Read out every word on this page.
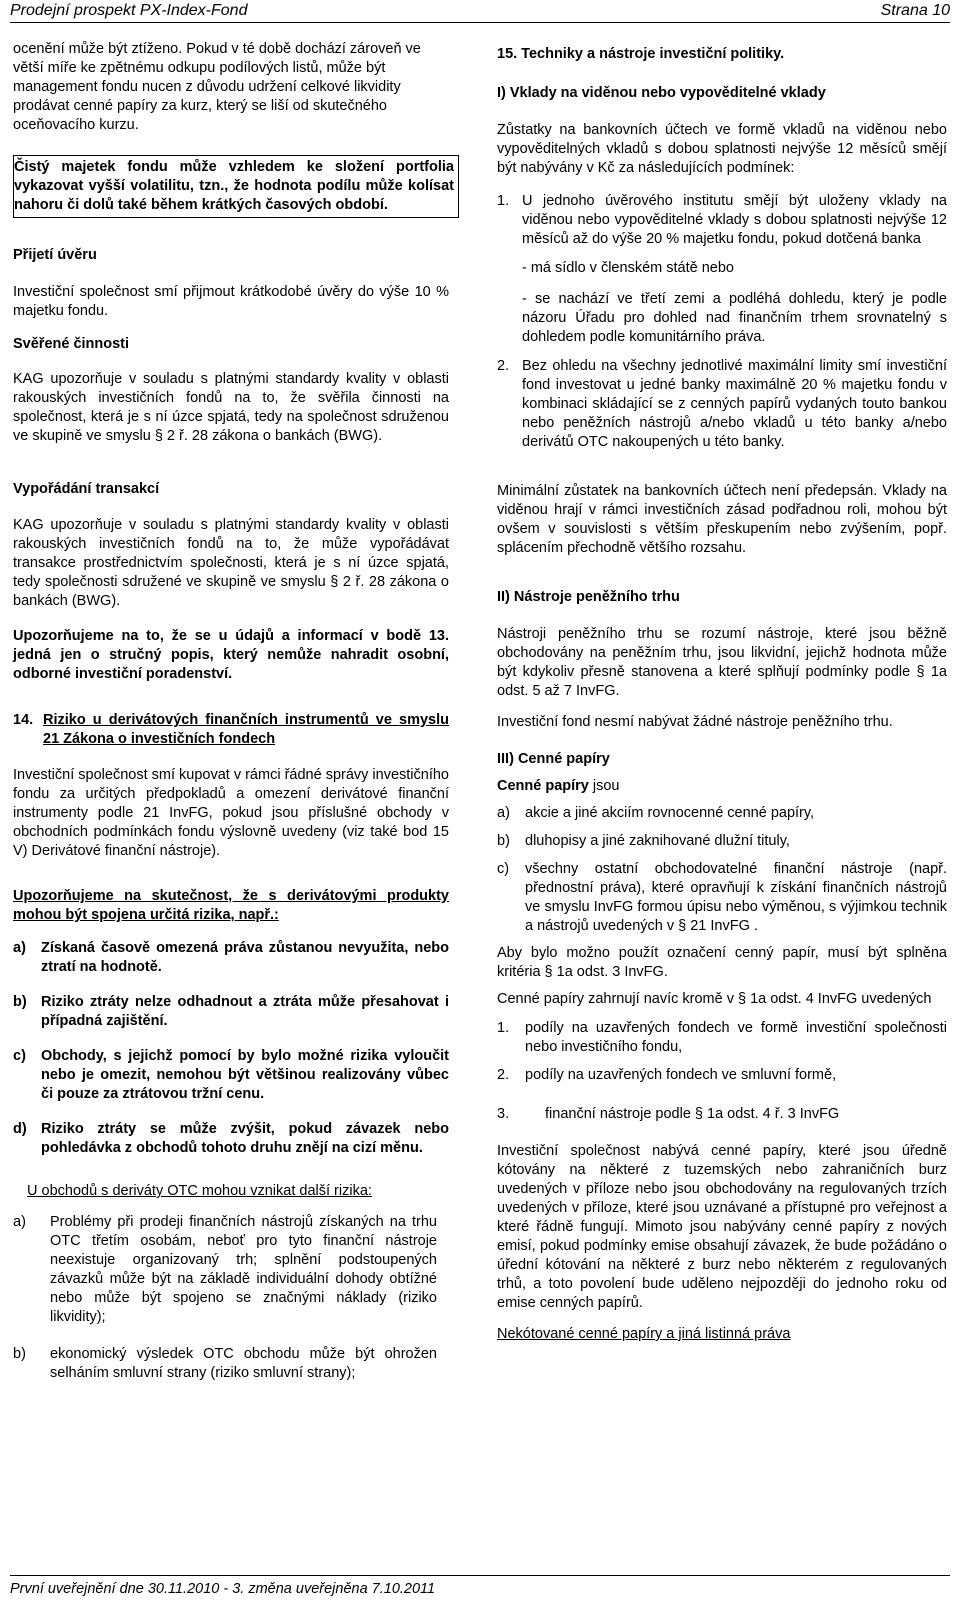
Prodejní prospekt PX-Index-Fond	Strana 10

ocenění může být ztíženo. Pokud v té době dochází zároveň ve větší míře ke zpětnému odkupu podílových listů, může být management fondu nucen z důvodu udržení celkové likvidity prodávat cenné papíry za kurz, který se liší od skutečného oceňovacího kurzu.

Čistý majetek fondu může vzhledem ke složení portfolia vykazovat vyšší volatilitu, tzn., že hodnota podílu může kolísat nahoru či dolů také během krátkých časových období.

Přijetí úvěru

Investiční společnost smí přijmout krátkodobé úvěry do výše 10 % majetku fondu.

Svěřené činnosti

KAG upozorňuje v souladu s platnými standardy kvality v oblasti rakouských investičních fondů na to, že svěřila činnosti na společnost, která je s ní úzce spjatá, tedy na společnost sdruženou ve skupině ve smyslu § 2 ř. 28 zákona o bankách (BWG).

Vypořádání transakcí

KAG upozorňuje v souladu s platnými standardy kvality v oblasti rakouských investičních fondů na to, že může vypořádávat transakce prostřednictvím společnosti, která je s ní úzce spjatá, tedy společnosti sdružené ve skupině ve smyslu § 2 ř. 28 zákona o bankách (BWG).

Upozorňujeme na to, že se u údajů a informací v bodě 13. jedná jen o stručný popis, který nemůže nahradit osobní, odborné investiční poradenství.

14. Riziko u derivátových finančních instrumentů ve smyslu 21 Zákona o investičních fondech

Investiční společnost smí kupovat v rámci řádné správy investičního fondu za určitých předpokladů a omezení derivátové finanční instrumenty podle 21 InvFG, pokud jsou příslušné obchody v obchodních podmínkách fondu výslovně uvedeny (viz také bod 15 V) Derivátové finanční nástroje).

Upozorňujeme na skutečnost, že s derivátovými produkty mohou být spojena určitá rizika, např.:

a)	Získaná časově omezená práva zůstanou nevyužita, nebo ztratí na hodnotě.
b) Riziko ztráty nelze odhadnout a ztráta může přesahovat i případná zajištění.
c)	Obchody, s jejichž pomocí by bylo možné rizika vyloučit nebo je omezit, nemohou být většinou realizovány vůbec či pouze za ztrátovou tržní cenu.
d) Riziko ztráty se může zvýšit, pokud závazek nebo pohledávka z obchodů tohoto druhu znějí na cizí měnu.

U obchodů s deriváty OTC mohou vznikat další rizika:

a)	Problémy při prodeji finančních nástrojů získaných na trhu OTC třetím osobám, neboť pro tyto finanční nástroje neexistuje organizovaný trh; splnění podstoupených závazků může být na základě individuální dohody obtížné nebo může být spojeno se značnými náklady (riziko likvidity);
b)	ekonomický výsledek OTC obchodu může být ohrožen selháním smluvní strany (riziko smluvní strany);

15. Techniky a nástroje investiční politiky.

I) Vklady na viděnou nebo vypověditelné vklady

Zůstatky na bankovních účtech ve formě vkladů na viděnou nebo vypověditelných vkladů s dobou splatnosti nejvýše 12 měsíců smějí být nabývány v Kč za následujících podmínek:

1. U jednoho úvěrového institutu smějí být uloženy vklady na viděnou nebo vypověditelné vklady s dobou splatnosti nejvýše 12 měsíců až do výše 20 % majetku fondu, pokud dotčená banka

- má sídlo v členském státě nebo

- se nachází ve třetí zemi a podléhá dohledu, který je podle názoru Úřadu pro dohled nad finančním trhem srovnatelný s dohledem podle komunitárního práva.

2. Bez ohledu na všechny jednotlivé maximální limity smí investiční fond investovat u jedné banky maximálně 20 % majetku fondu v kombinaci skládající se z cenných papírů vydaných touto bankou nebo peněžních nástrojů a/nebo vkladů u této banky a/nebo derivátů OTC nakoupených u této banky.

Minimální zůstatek na bankovních účtech není předepsán. Vklady na viděnou hrají v rámci investičních zásad podřadnou roli, mohou být ovšem v souvislosti s větším přeskupením nebo zvýšením, popř. splácením přechodně většího rozsahu.

II) Nástroje peněžního trhu

Nástroji peněžního trhu se rozumí nástroje, které jsou běžně obchodovány na peněžním trhu, jsou likvidní, jejichž hodnota může být kdykoliv přesně stanovena a které splňují podmínky podle § 1a odst. 5 až 7 InvFG.

Investiční fond nesmí nabývat žádné nástroje peněžního trhu.

III) Cenné papíry

Cenné papíry jsou

a)	akcie a jiné akciím rovnocenné cenné papíry,
b)	dluhopisy a jiné zaknihované dlužní tituly,
c)	všechny ostatní obchodovatelné finanční nástroje (např. přednostní práva), které opravňují k získání finančních nástrojů ve smyslu InvFG formou úpisu nebo výměnou, s výjimkou technik a nástrojů uvedených v § 21 InvFG .

Aby bylo možno použít označení cenný papír, musí být splněna kritéria § 1a odst. 3 InvFG.

Cenné papíry zahrnují navíc kromě v § 1a odst. 4 InvFG uvedených

1.	podíly na uzavřených fondech ve formě investiční společnosti nebo investičního fondu,
2.	podíly na uzavřených fondech ve smluvní formě,
3.	finanční nástroje podle § 1a odst. 4 ř. 3 InvFG

Investiční společnost nabývá cenné papíry, které jsou úředně kótovány na některé z tuzemských nebo zahraničních burz uvedených v příloze nebo jsou obchodovány na regulovaných trzích uvedených v příloze, které jsou uznávané a přístupné pro veřejnost a které řádně fungují. Mimoto jsou nabývány cenné papíry z nových emisí, pokud podmínky emise obsahují závazek, že bude požádáno o úřední kótování na některé z burz nebo některém z regulovaných trhů, a toto povolení bude uděleno nejpozději do jednoho roku od emise cenných papírů.

Nekótované cenné papíry a jiná listinná práva

První uveřejnění dne 30.11.2010 - 3. změna uveřejněna 7.10.2011
